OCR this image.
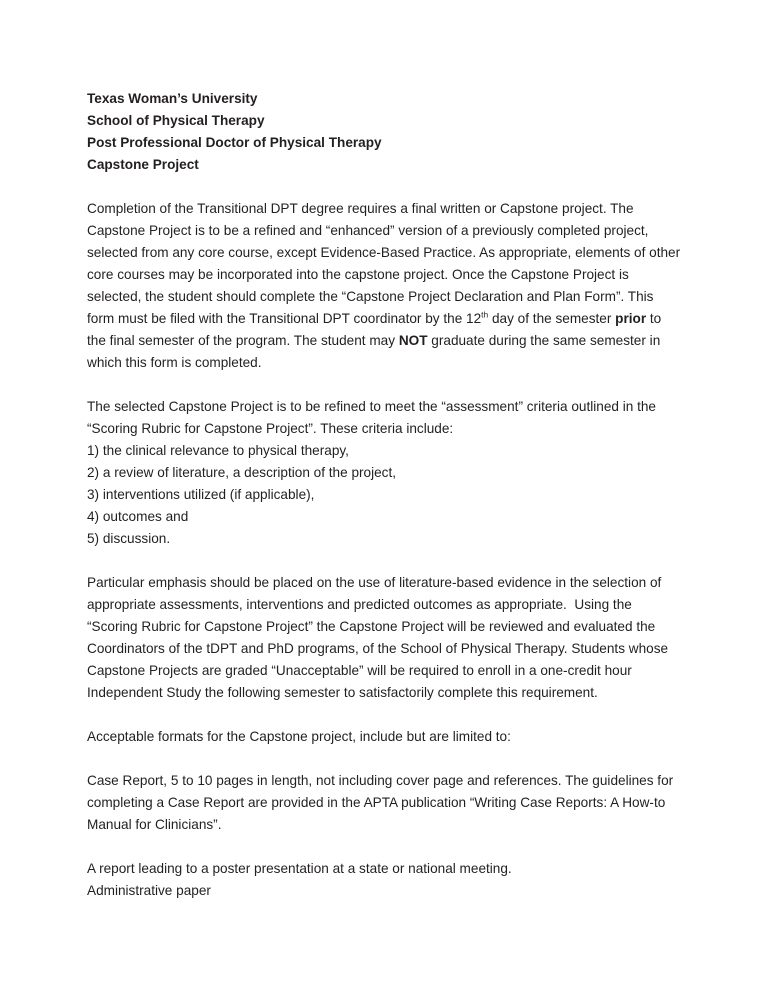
Texas Woman’s University
School of Physical Therapy
Post Professional Doctor of Physical Therapy
Capstone Project

Completion of the Transitional DPT degree requires a final written or Capstone project. The Capstone Project is to be a refined and “enhanced” version of a previously completed project, selected from any core course, except Evidence-Based Practice. As appropriate, elements of other core courses may be incorporated into the capstone project. Once the Capstone Project is selected, the student should complete the “Capstone Project Declaration and Plan Form”. This form must be filed with the Transitional DPT coordinator by the 12th day of the semester prior to the final semester of the program. The student may NOT graduate during the same semester in which this form is completed.

The selected Capstone Project is to be refined to meet the “assessment” criteria outlined in the “Scoring Rubric for Capstone Project”. These criteria include:

1) the clinical relevance to physical therapy,
2) a review of literature, a description of the project,
3) interventions utilized (if applicable),
4) outcomes and
5) discussion.

Particular emphasis should be placed on the use of literature-based evidence in the selection of appropriate assessments, interventions and predicted outcomes as appropriate.  Using the “Scoring Rubric for Capstone Project” the Capstone Project will be reviewed and evaluated the Coordinators of the tDPT and PhD programs, of the School of Physical Therapy. Students whose Capstone Projects are graded “Unacceptable” will be required to enroll in a one-credit hour Independent Study the following semester to satisfactorily complete this requirement.

Acceptable formats for the Capstone project, include but are limited to:

Case Report, 5 to 10 pages in length, not including cover page and references. The guidelines for completing a Case Report are provided in the APTA publication “Writing Case Reports: A How-to Manual for Clinicians”.

A report leading to a poster presentation at a state or national meeting.
Administrative paper
